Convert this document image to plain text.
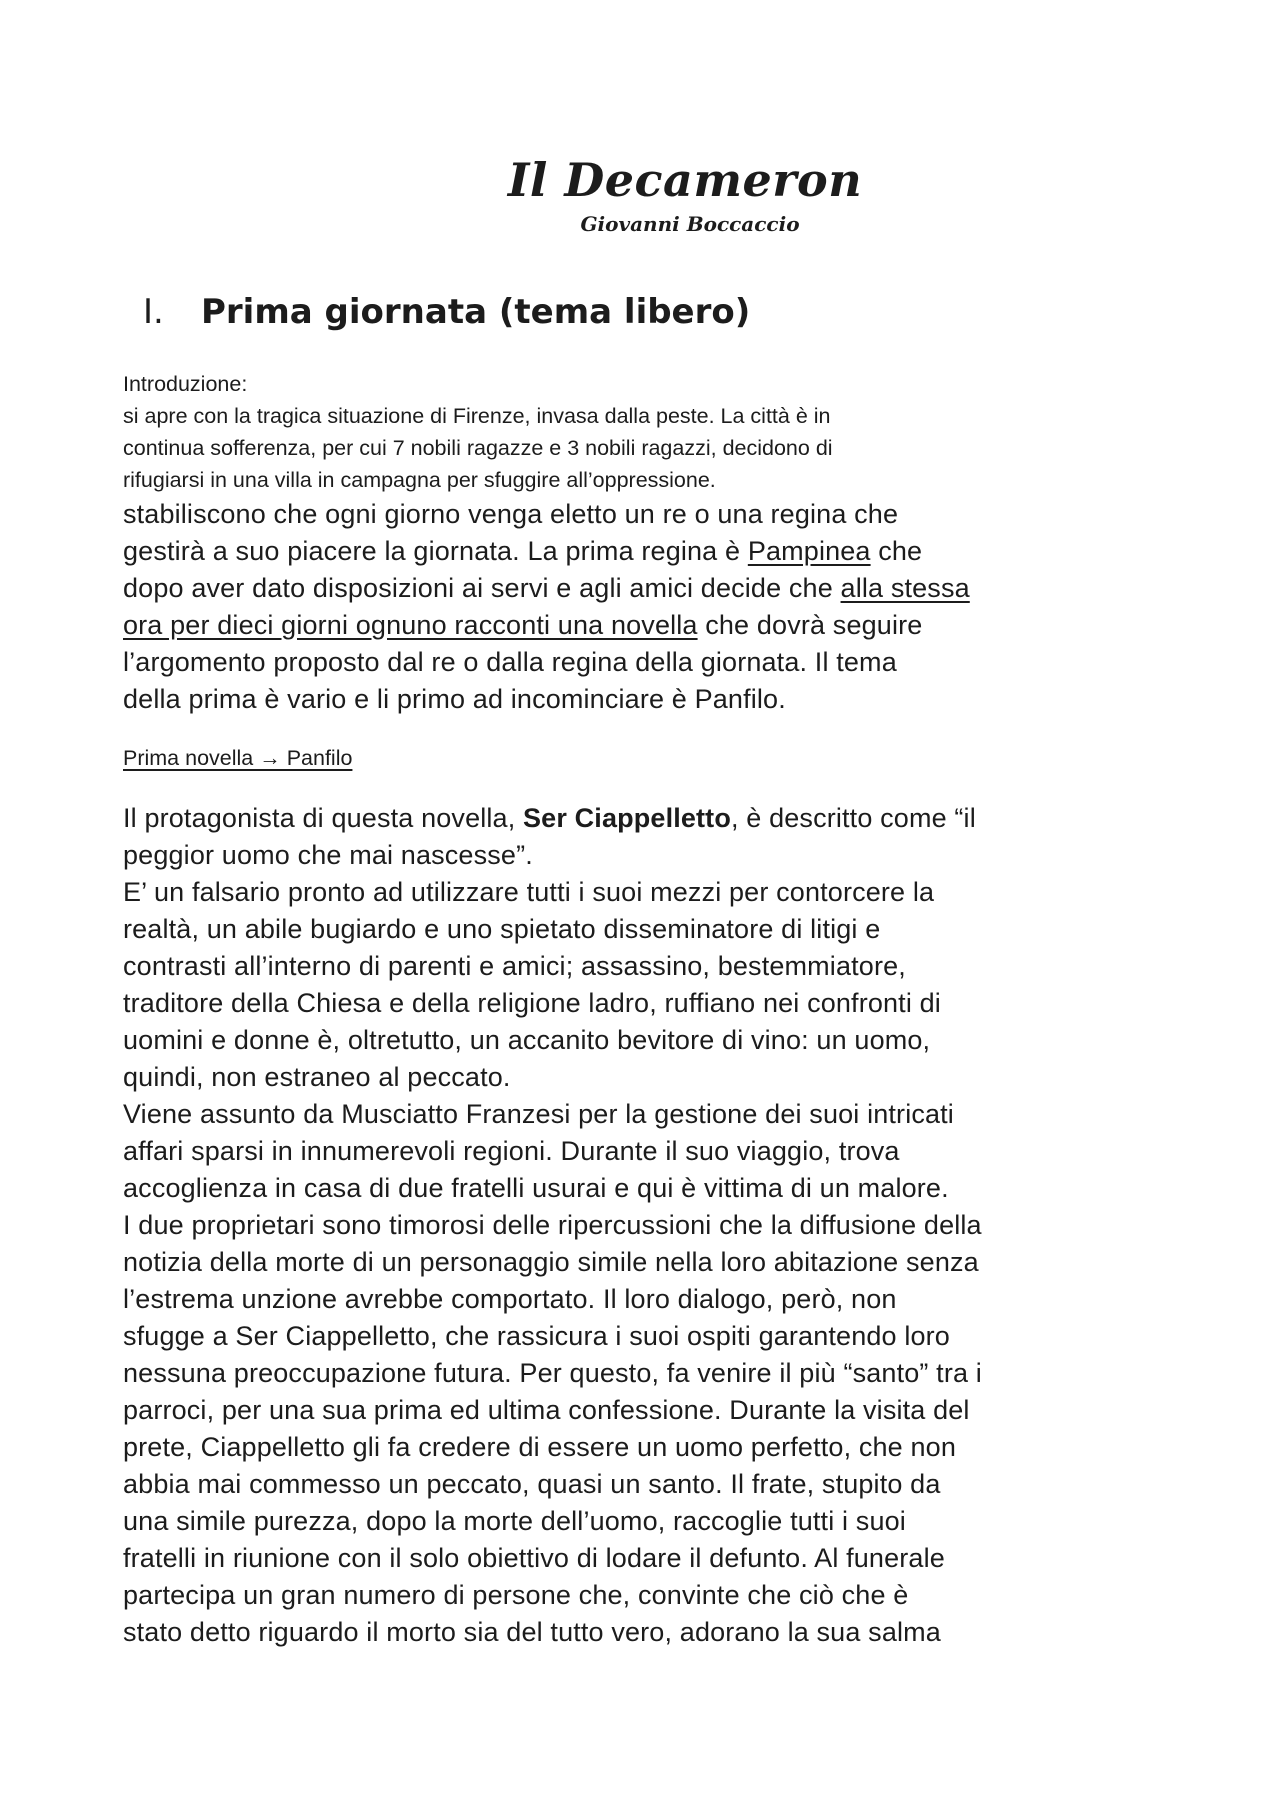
Il Decameron
Giovanni Boccaccio
I. Prima giornata (tema libero)

Introduzione:

si apre con la tragica situazione di Firenze, invasa dalla peste. La città è in

continua sofferenza, per cui 7 nobili ragazze e 3 nobili ragazzi, decidono di

rifugiarsi in una villa in campagna per sfuggire all’oppressione.

stabiliscono che ogni giorno venga eletto un re o una regina che

gestirà a suo piacere la giornata. La prima regina è Pampinea che

dopo aver dato disposizioni ai servi e agli amici decide che alla stessa

ora per dieci giorni ognuno racconti una novella che dovrà seguire

l’argomento proposto dal re o dalla regina della giornata. Il tema

della prima è vario e li primo ad incominciare è Panfilo.

Prima novella → Panfilo

Il protagonista di questa novella, Ser Ciappelletto, è descritto come “il

peggior uomo che mai nascesse”.

E’ un falsario pronto ad utilizzare tutti i suoi mezzi per contorcere la

realtà, un abile bugiardo e uno spietato disseminatore di litigi e

contrasti all’interno di parenti e amici; assassino, bestemmiatore,

traditore della Chiesa e della religione ladro, ruffiano nei confronti di

uomini e donne è, oltretutto, un accanito bevitore di vino: un uomo,

quindi, non estraneo al peccato.

Viene assunto da Musciatto Franzesi per la gestione dei suoi intricati

affari sparsi in innumerevoli regioni. Durante il suo viaggio, trova

accoglienza in casa di due fratelli usurai e qui è vittima di un malore.

I due proprietari sono timorosi delle ripercussioni che la diffusione della

notizia della morte di un personaggio simile nella loro abitazione senza

l’estrema unzione avrebbe comportato. Il loro dialogo, però, non

sfugge a Ser Ciappelletto, che rassicura i suoi ospiti garantendo loro

nessuna preoccupazione futura. Per questo, fa venire il più “santo” tra i

parroci, per una sua prima ed ultima confessione. Durante la visita del

prete, Ciappelletto gli fa credere di essere un uomo perfetto, che non

abbia mai commesso un peccato, quasi un santo. Il frate, stupito da

una simile purezza, dopo la morte dell’uomo, raccoglie tutti i suoi

fratelli in riunione con il solo obiettivo di lodare il defunto. Al funerale

partecipa un gran numero di persone che, convinte che ciò che è

stato detto riguardo il morto sia del tutto vero, adorano la sua salma
